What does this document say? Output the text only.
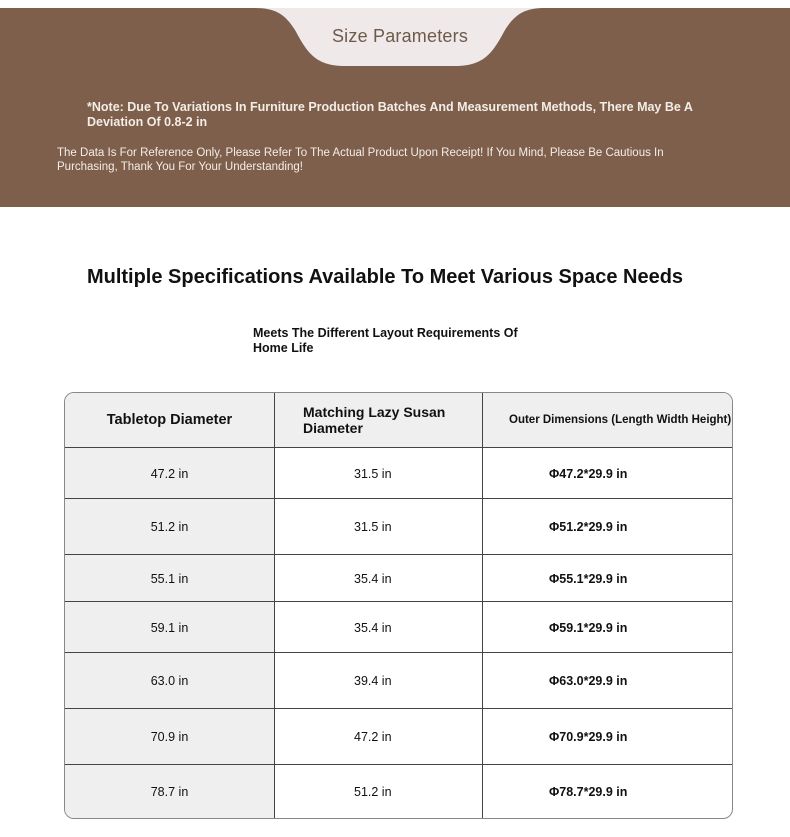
Size Parameters
*Note: Due To Variations In Furniture Production Batches And Measurement Methods, There May Be A Deviation Of 0.8-2 in
The Data Is For Reference Only, Please Refer To The Actual Product Upon Receipt! If You Mind, Please Be Cautious In Purchasing, Thank You For Your Understanding!
Multiple Specifications Available To Meet Various Space Needs
Meets The Different Layout Requirements Of Home Life
Tabletop Diameter	Matching Lazy Susan Diameter	Outer Dimensions (Length Width Height)
47.2 in	31.5 in	Φ47.2*29.9 in
51.2 in	31.5 in	Φ51.2*29.9 in
55.1 in	35.4 in	Φ55.1*29.9 in
59.1 in	35.4 in	Φ59.1*29.9 in
63.0 in	39.4 in	Φ63.0*29.9 in
70.9 in	47.2 in	Φ70.9*29.9 in
78.7 in	51.2 in	Φ78.7*29.9 in
